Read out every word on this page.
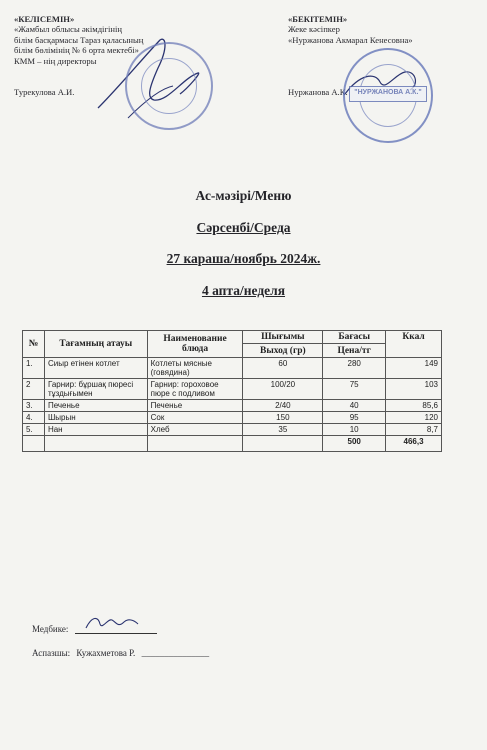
«КЕЛІСЕМІН»
«Жамбыл облысы әкімдігінің
білім басқармасы Тараз қаласының
білім бөлімінің № 6 орта мектебі»
КММ – нің директоры
Турекулова А.И.
«БЕКІТЕМІН»
Жеке кәсіпкер
«Нуржанова Акмарал Кенесовна»
Нуржанова А.К. "НУРЖАНОВА А.К."
Ас-мәзірі/Меню
Сәрсенбі/Среда
27 караша/ноябрь 2024ж.
4 апта/неделя
№	Тағамның атауы	Наименование блюда	Шығымы	Бағасы	Ккал
			Выход (гр)	Цена/тг	
1.	Сиыр етінен котлет	Котлеты мясные (говядина)	60	280	149
2	Гарнир: бұршақ пюресі тұздығымен	Гарнир: гороховое пюре с подливом	100/20	75	103
3.	Печенье	Печенье	2/40	40	85,6
4.	Шырын	Сок	150	95	120
5.	Нан	Хлеб	35	10	8,7
				500	466,3
Медбике:
Аспазшы: Кужахметова Р. _______________
